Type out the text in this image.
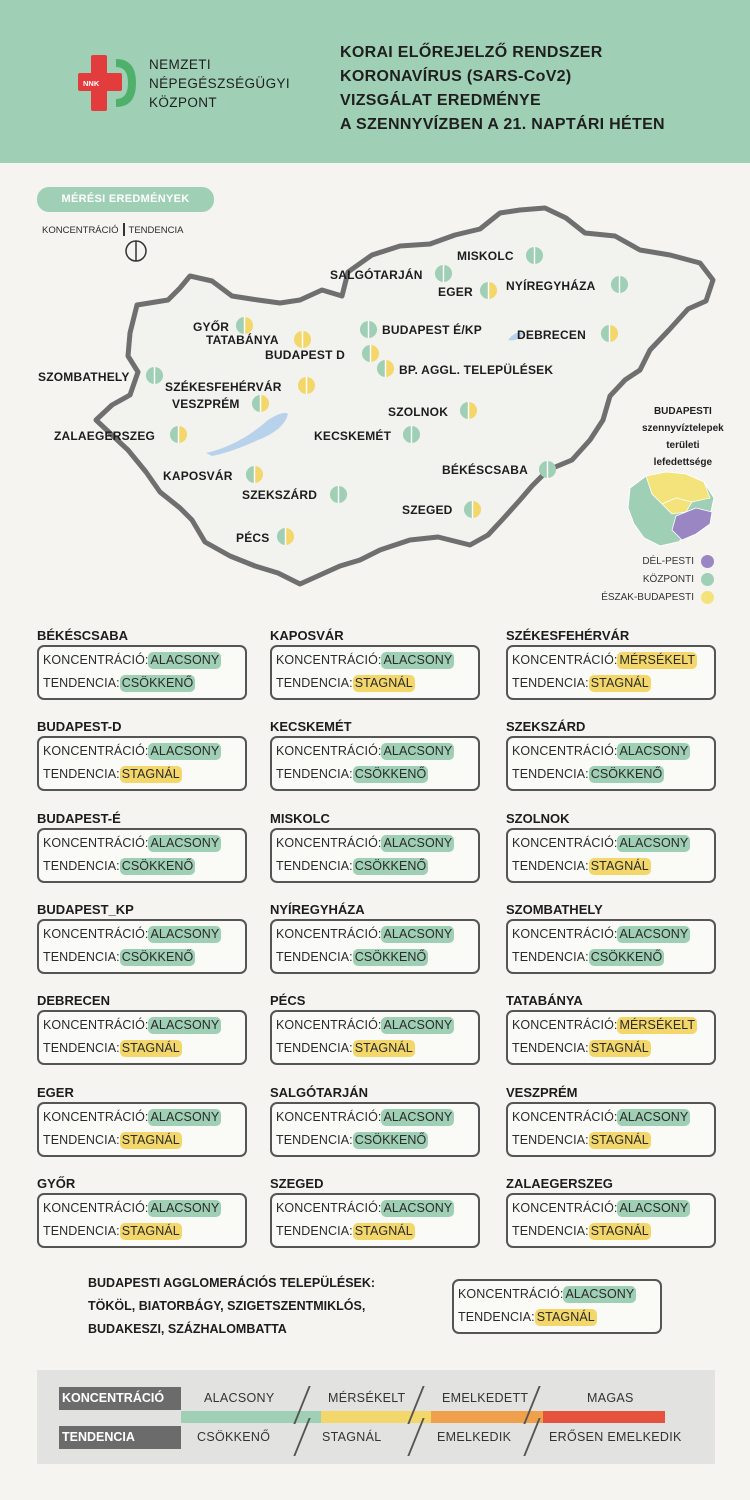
NNK
NEMZETI
NÉPEGÉSZSÉGÜGYI
KÖZPONT
KORAI ELŐREJELZŐ RENDSZER
KORONAVÍRUS (SARS-CoV2)
VIZSGÁLAT EREDMÉNYE
A SZENNYVÍZBEN A 21. NAPTÁRI HÉTEN
MÉRÉSI EREDMÉNYEK
KONCENTRÁCIÓ TENDENCIA
MISKOLC
SALGÓTARJÁN
EGER	NYÍREGYHÁZA
GYŐR
TATABÁNYA
BUDAPEST É/KP
BUDAPEST D
BP. AGGL. TELEPÜLÉSEK
DEBRECEN
SZOMBATHELY
SZÉKESFEHÉRVÁR
VESZPRÉM
SZOLNOK
ZALAEGERSZEG	KECSKEMÉT
BÉKÉSCSABA
KAPOSVÁR
SZEKSZÁRD
SZEGED
PÉCS
BUDAPESTI
szennyvíztelepek
területi
lefedettsége
DÉL-PESTI
KÖZPONTI
ÉSZAK-BUDAPESTI
BÉKÉSCSABA
KONCENTRÁCIÓ: ALACSONY
TENDENCIA: CSÖKKENŐ
KAPOSVÁR
KONCENTRÁCIÓ: ALACSONY
TENDENCIA: STAGNÁL
SZÉKESFEHÉRVÁR
KONCENTRÁCIÓ: MÉRSÉKELT
TENDENCIA: STAGNÁL
BUDAPEST-D
KONCENTRÁCIÓ: ALACSONY
TENDENCIA: STAGNÁL
KECSKEMÉT
KONCENTRÁCIÓ: ALACSONY
TENDENCIA: CSÖKKENŐ
SZEKSZÁRD
KONCENTRÁCIÓ: ALACSONY
TENDENCIA: CSÖKKENŐ
BUDAPEST-É
KONCENTRÁCIÓ: ALACSONY
TENDENCIA: CSÖKKENŐ
MISKOLC
KONCENTRÁCIÓ: ALACSONY
TENDENCIA: CSÖKKENŐ
SZOLNOK
KONCENTRÁCIÓ: ALACSONY
TENDENCIA: STAGNÁL
BUDAPEST_KP
KONCENTRÁCIÓ: ALACSONY
TENDENCIA: CSÖKKENŐ
NYÍREGYHÁZA
KONCENTRÁCIÓ: ALACSONY
TENDENCIA: CSÖKKENŐ
SZOMBATHELY
KONCENTRÁCIÓ: ALACSONY
TENDENCIA: CSÖKKENŐ
DEBRECEN
KONCENTRÁCIÓ: ALACSONY
TENDENCIA: STAGNÁL
PÉCS
KONCENTRÁCIÓ: ALACSONY
TENDENCIA: STAGNÁL
TATABÁNYA
KONCENTRÁCIÓ: MÉRSÉKELT
TENDENCIA: STAGNÁL
EGER
KONCENTRÁCIÓ: ALACSONY
TENDENCIA: STAGNÁL
SALGÓTARJÁN
KONCENTRÁCIÓ: ALACSONY
TENDENCIA: CSÖKKENŐ
VESZPRÉM
KONCENTRÁCIÓ: ALACSONY
TENDENCIA: STAGNÁL
GYŐR
KONCENTRÁCIÓ: ALACSONY
TENDENCIA: STAGNÁL
SZEGED
KONCENTRÁCIÓ: ALACSONY
TENDENCIA: STAGNÁL
ZALAEGERSZEG
KONCENTRÁCIÓ: ALACSONY
TENDENCIA: STAGNÁL
BUDAPESTI AGGLOMERÁCIÓS TELEPÜLÉSEK:
TÖKÖL, BIATORBÁGY, SZIGETSZENTMIKLÓS,
BUDAKESZI, SZÁZHALOMBATTA
KONCENTRÁCIÓ: ALACSONY
TENDENCIA: STAGNÁL
KONCENTRÁCIÓ
TENDENCIA
ALACSONY	MÉRSÉKELT	EMELKEDETT	MAGAS
CSÖKKENŐ	STAGNÁL	EMELKEDIK	ERŐSEN EMELKEDIK
